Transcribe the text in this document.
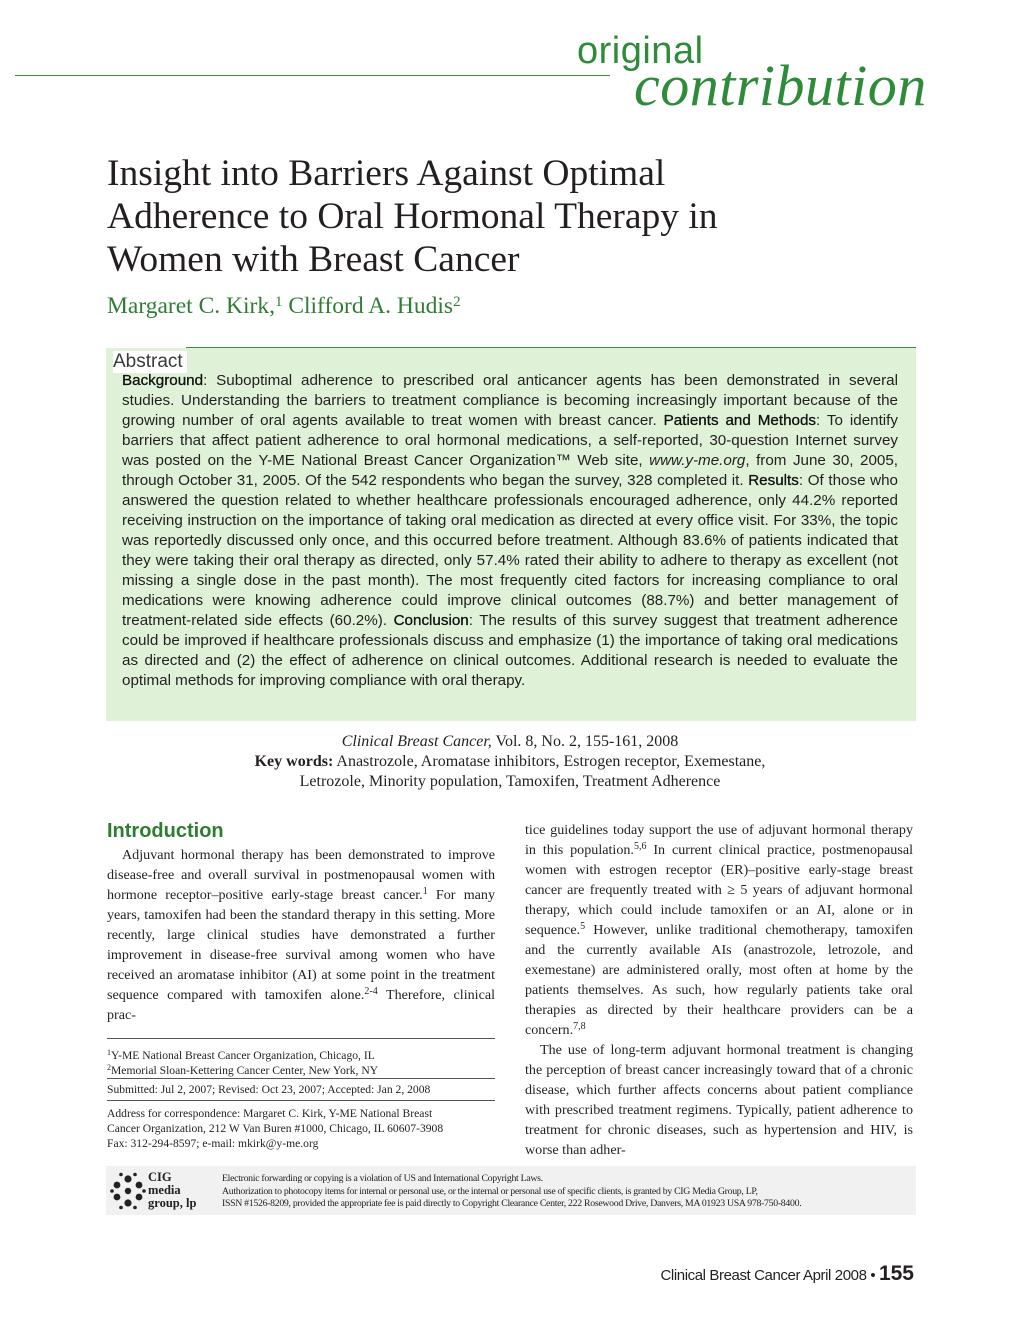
original
contribution
Insight into Barriers Against Optimal Adherence to Oral Hormonal Therapy in Women with Breast Cancer
Margaret C. Kirk,$^1$ Clifford A. Hudis$^2$
Abstract
Background: Suboptimal adherence to prescribed oral anticancer agents has been demonstrated in several studies. Understanding the barriers to treatment compliance is becoming increasingly important because of the growing number of oral agents available to treat women with breast cancer. Patients and Methods: To identify barriers that affect patient adherence to oral hormonal medications, a self-reported, 30-question Internet survey was posted on the Y-ME National Breast Cancer Organization™ Web site, www.y-me.org, from June 30, 2005, through October 31, 2005. Of the 542 respondents who began the survey, 328 completed it. Results: Of those who answered the question related to whether healthcare professionals encouraged adherence, only 44.2% reported receiving instruction on the importance of taking oral medication as directed at every office visit. For 33%, the topic was reportedly discussed only once, and this occurred before treatment. Although 83.6% of patients indicated that they were taking their oral therapy as directed, only 57.4% rated their ability to adhere to therapy as excellent (not missing a single dose in the past month). The most frequently cited factors for increasing compliance to oral medications were knowing adherence could improve clinical outcomes (88.7%) and better management of treatment-related side effects (60.2%). Conclusion: The results of this survey suggest that treatment adherence could be improved if healthcare professionals discuss and emphasize (1) the importance of taking oral medications as directed and (2) the effect of adherence on clinical outcomes. Additional research is needed to evaluate the optimal methods for improving compliance with oral therapy.
Clinical Breast Cancer, Vol. 8, No. 2, 155-161, 2008
Key words: Anastrozole, Aromatase inhibitors, Estrogen receptor, Exemestane,
Letrozole, Minority population, Tamoxifen, Treatment Adherence
Introduction
Adjuvant hormonal therapy has been demonstrated to improve disease-free and overall survival in postmenopausal women with hormone receptor–positive early-stage breast cancer.$^1$ For many years, tamoxifen had been the standard therapy in this setting. More recently, large clinical studies have demonstrated a further improvement in disease-free survival among women who have received an aromatase inhibitor (AI) at some point in the treatment sequence compared with tamoxifen alone.$^{2-4}$ Therefore, clinical prac-

tice guidelines today support the use of adjuvant hormonal therapy in this population.$^{5,6}$ In current clinical practice, postmenopausal women with estrogen receptor (ER)–positive early-stage breast cancer are frequently treated with ≥ 5 years of adjuvant hormonal therapy, which could include tamoxifen or an AI, alone or in sequence.$^5$ However, unlike traditional chemotherapy, tamoxifen and the currently available AIs (anastrozole, letrozole, and exemestane) are administered orally, most often at home by the patients themselves. As such, how regularly patients take oral therapies as directed by their healthcare providers can be a concern.$^{7,8}$

The use of long-term adjuvant hormonal treatment is changing the perception of breast cancer increasingly toward that of a chronic disease, which further affects concerns about patient compliance with prescribed treatment regimens. Typically, patient adherence to treatment for chronic diseases, such as hypertension and HIV, is worse than adher-

$^1$Y-ME National Breast Cancer Organization, Chicago, IL
$^2$Memorial Sloan-Kettering Cancer Center, New York, NY
Submitted: Jul 2, 2007; Revised: Oct 23, 2007; Accepted: Jan 2, 2008
Address for correspondence: Margaret C. Kirk, Y-ME National Breast
Cancer Organization, 212 W Van Buren #1000, Chicago, IL 60607-3908
Fax: 312-294-8597; e-mail: mkirk@y-me.org
CIG
media
group, lp
Electronic forwarding or copying is a violation of US and International Copyright Laws.
Authorization to photocopy items for internal or personal use, or the internal or personal use of specific clients, is granted by CIG Media Group, LP,
ISSN #1526-8209, provided the appropriate fee is paid directly to Copyright Clearance Center, 222 Rosewood Drive, Danvers, MA 01923 USA 978-750-8400.
Clinical Breast Cancer April 2008 • 155
